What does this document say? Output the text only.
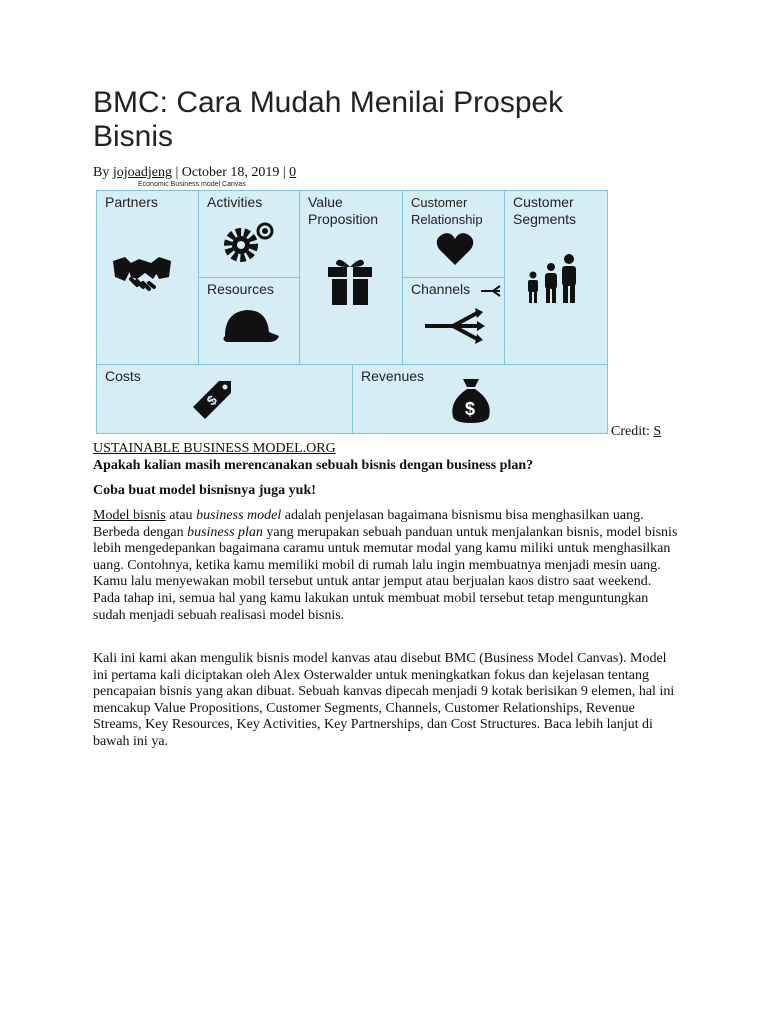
BMC: Cara Mudah Menilai Prospek Bisnis
By jojoadjeng | October 18, 2019 | 0
Economic Business model Canvas
Partners	Activities
Resources
Value Proposition
Customer Relationship
Channels
Customer Segments
Costs
$
Revenues
$
Credit: S
USTAINABLE BUSINESS MODEL.ORG
Apakah kalian masih merencanakan sebuah bisnis dengan business plan?
Coba buat model bisnisnya juga yuk!

Model bisnis atau business model adalah penjelasan bagaimana bisnismu bisa menghasilkan uang. Berbeda dengan business plan yang merupakan sebuah panduan untuk menjalankan bisnis, model bisnis lebih mengedepankan bagaimana caramu untuk memutar modal yang kamu miliki untuk menghasilkan uang. Contohnya, ketika kamu memiliki mobil di rumah lalu ingin membuatnya menjadi mesin uang. Kamu lalu menyewakan mobil tersebut untuk antar jemput atau berjualan kaos distro saat weekend. Pada tahap ini, semua hal yang kamu lakukan untuk membuat mobil tersebut tetap menguntungkan sudah menjadi sebuah realisasi model bisnis.

Kali ini kami akan mengulik bisnis model kanvas atau disebut BMC (Business Model Canvas). Model ini pertama kali diciptakan oleh Alex Osterwalder untuk meningkatkan fokus dan kejelasan tentang pencapaian bisnis yang akan dibuat. Sebuah kanvas dipecah menjadi 9 kotak berisikan 9 elemen, hal ini mencakup Value Propositions, Customer Segments, Channels, Customer Relationships, Revenue Streams, Key Resources, Key Activities, Key Partnerships, dan Cost Structures. Baca lebih lanjut di bawah ini ya.
